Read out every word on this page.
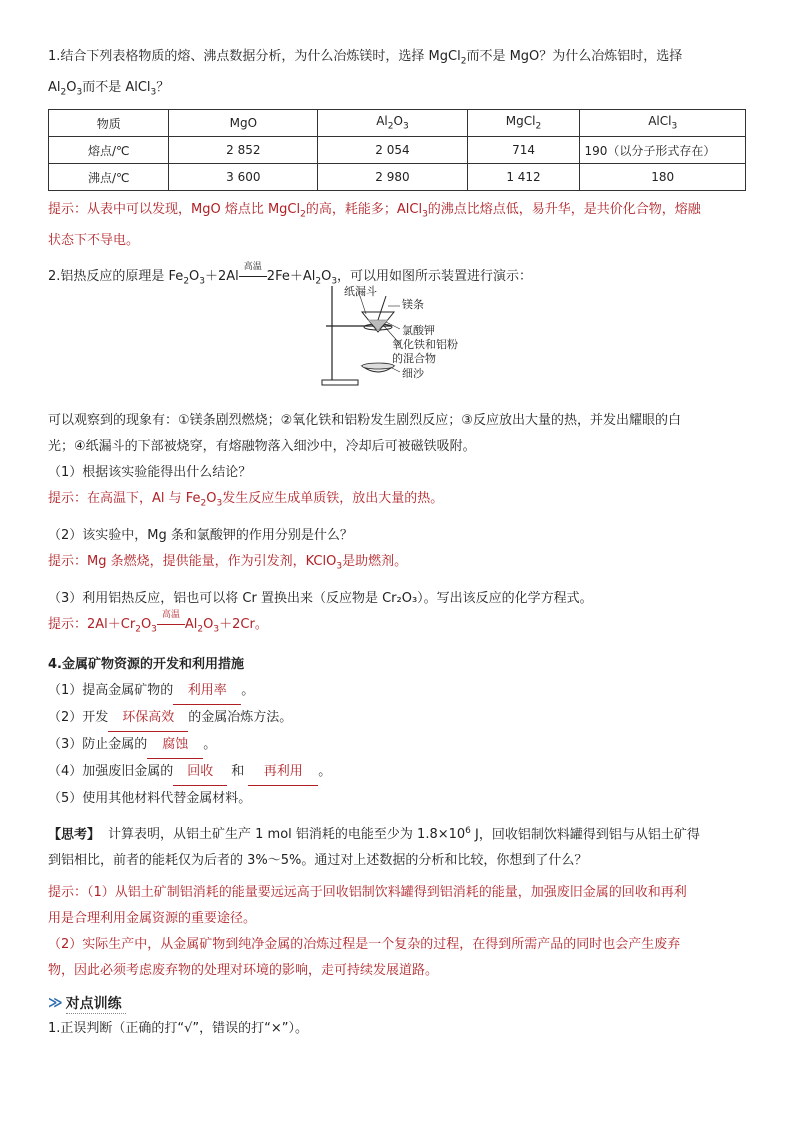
1.结合下列表格物质的熔、沸点数据分析，为什么冶炼镁时，选择 MgCl$_2$而不是 MgO？为什么冶炼铝时，选择
$Al_2O_3$而不是 AlCl$_3$？
物质	MgO	$Al_2O_3$	MgCl$_2$	AlCl$_3$
熔点/℃	2 852	2 054	714	190（以分子形式存在）
沸点/℃	3 600	2 980	1 412	180
提示：从表中可以发现，MgO 熔点比 MgCl$_2$的高，耗能多；AlCl$_3$的沸点比熔点低，易升华，是共价化合物，熔融
状态下不导电。
2.铝热反应的原理是 $Fe_2O_3+2Al$
高温
$2Fe+Al_2O_3$，可以用如图所示装置进行演示：
可以观察到的现象有：①镁条剧烈燃烧；②氧化铁和铝粉发生剧烈反应；③反应放出大量的热，并发出耀眼的白
光；④纸漏斗的下部被烧穿，有熔融物落入细沙中，冷却后可被磁铁吸附。
（1）根据该实验能得出什么结论？
提示：在高温下，Al 与 $Fe_2O_3$发生反应生成单质铁，放出大量的热。
（2）该实验中，Mg 条和氯酸钾的作用分别是什么？
提示：Mg 条燃烧，提供能量，作为引发剂，KClO$_3$是助燃剂。
（3）利用铝热反应，铝也可以将 Cr 置换出来（反应物是 Cr₂O₃）。写出该反应的化学方程式。
提示：$2Al+Cr_2O_3$
高温
$Al_2O_3+2Cr$。
4.金属矿物资源的开发和利用措施
（1）提高金属矿物的 利用率 。
（2）开发 环保高效 的金属冶炼方法。
（3）防止金属的 腐蚀 。
（4）加强废旧金属的 回收 和 再利用 。
（5）使用其他材料代替金属材料。
【思考】 计算表明，从铝土矿生产 1 mol 铝消耗的电能至少为 $1.8\times 10^6$ J，回收铝制饮料罐得到铝与从铝土矿得
到铝相比，前者的能耗仅为后者的 3%～5%。通过对上述数据的分析和比较，你想到了什么？
提示：（1）从铝土矿制铝消耗的能量要远远高于回收铝制饮料罐得到铝消耗的能量，加强废旧金属的回收和再利
用是合理利用金属资源的重要途径。
（2）实际生产中，从金属矿物到纯净金属的冶炼过程是一个复杂的过程，在得到所需产品的同时也会产生废弃
物，因此必须考虑废弃物的处理对环境的影响，走可持续发展道路。
≫ 对点训练
1.正误判断（正确的打“√”，错误的打“×”）。
纸漏斗
镁条
氯酸钾
氧化铁和铝粉
的混合物
细沙
